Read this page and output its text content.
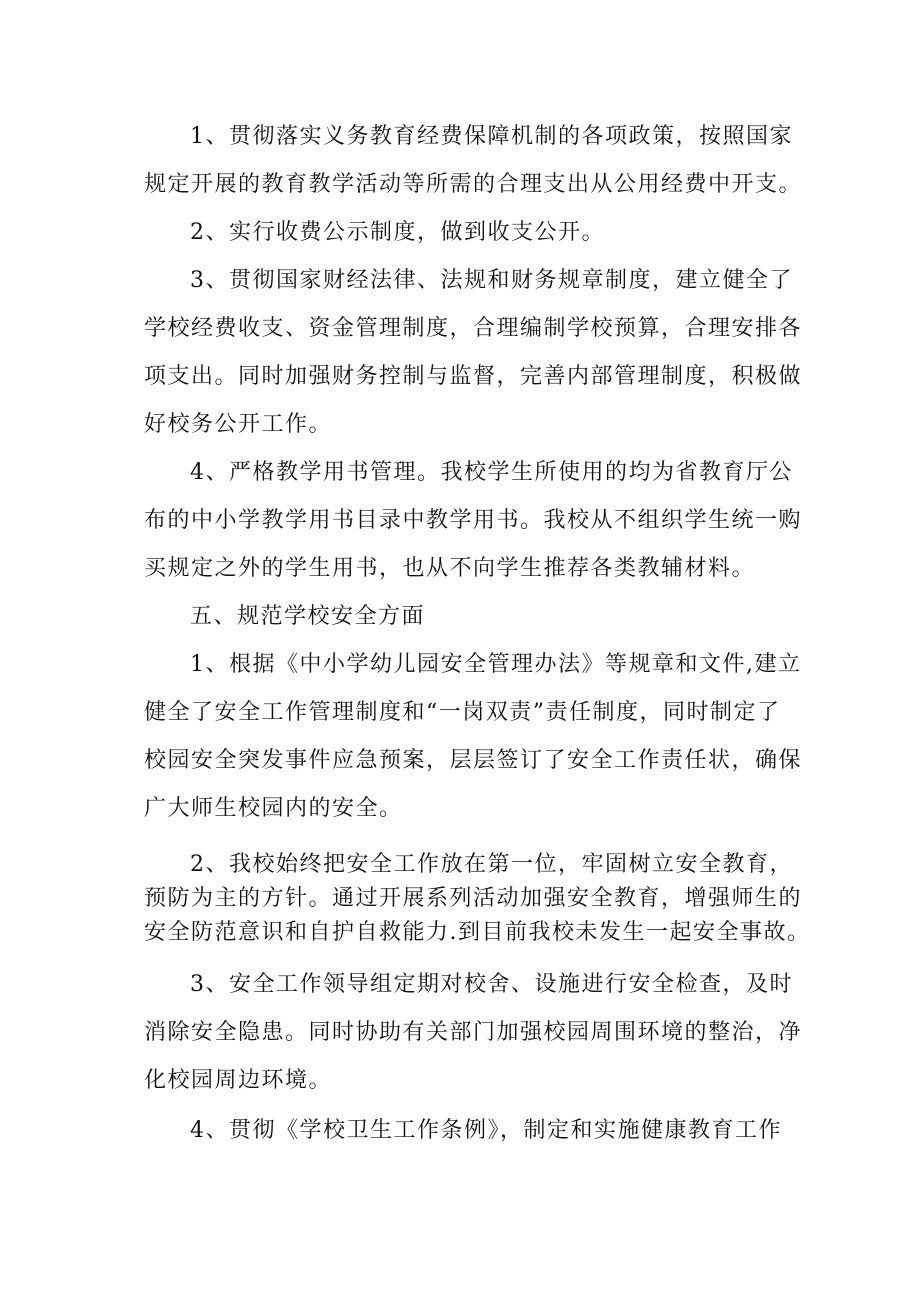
1、贯彻落实义务教育经费保障机制的各项政策，按照国家

规定开展的教育教学活动等所需的合理支出从公用经费中开支。

2、实行收费公示制度，做到收支公开。

3、贯彻国家财经法律、法规和财务规章制度，建立健全了

学校经费收支、资金管理制度，合理编制学校预算，合理安排各

项支出。同时加强财务控制与监督，完善内部管理制度，积极做

好校务公开工作。

4、严格教学用书管理。我校学生所使用的均为省教育厅公

布的中小学教学用书目录中教学用书。我校从不组织学生统一购

买规定之外的学生用书，也从不向学生推荐各类教辅材料。

五、规范学校安全方面

1、根据《中小学幼儿园安全管理办法》等规章和文件,建立

健全了安全工作管理制度和“一岗双责”责任制度，同时制定了

校园安全突发事件应急预案，层层签订了安全工作责任状，确保

广大师生校园内的安全。

2、我校始终把安全工作放在第一位，牢固树立安全教育，

预防为主的方针。通过开展系列活动加强安全教育，增强师生的

安全防范意识和自护自救能力.到目前我校未发生一起安全事故。

3、安全工作领导组定期对校舍、设施进行安全检查，及时

消除安全隐患。同时协助有关部门加强校园周围环境的整治，净

化校园周边环境。

4、贯彻《学校卫生工作条例》，制定和实施健康教育工作
